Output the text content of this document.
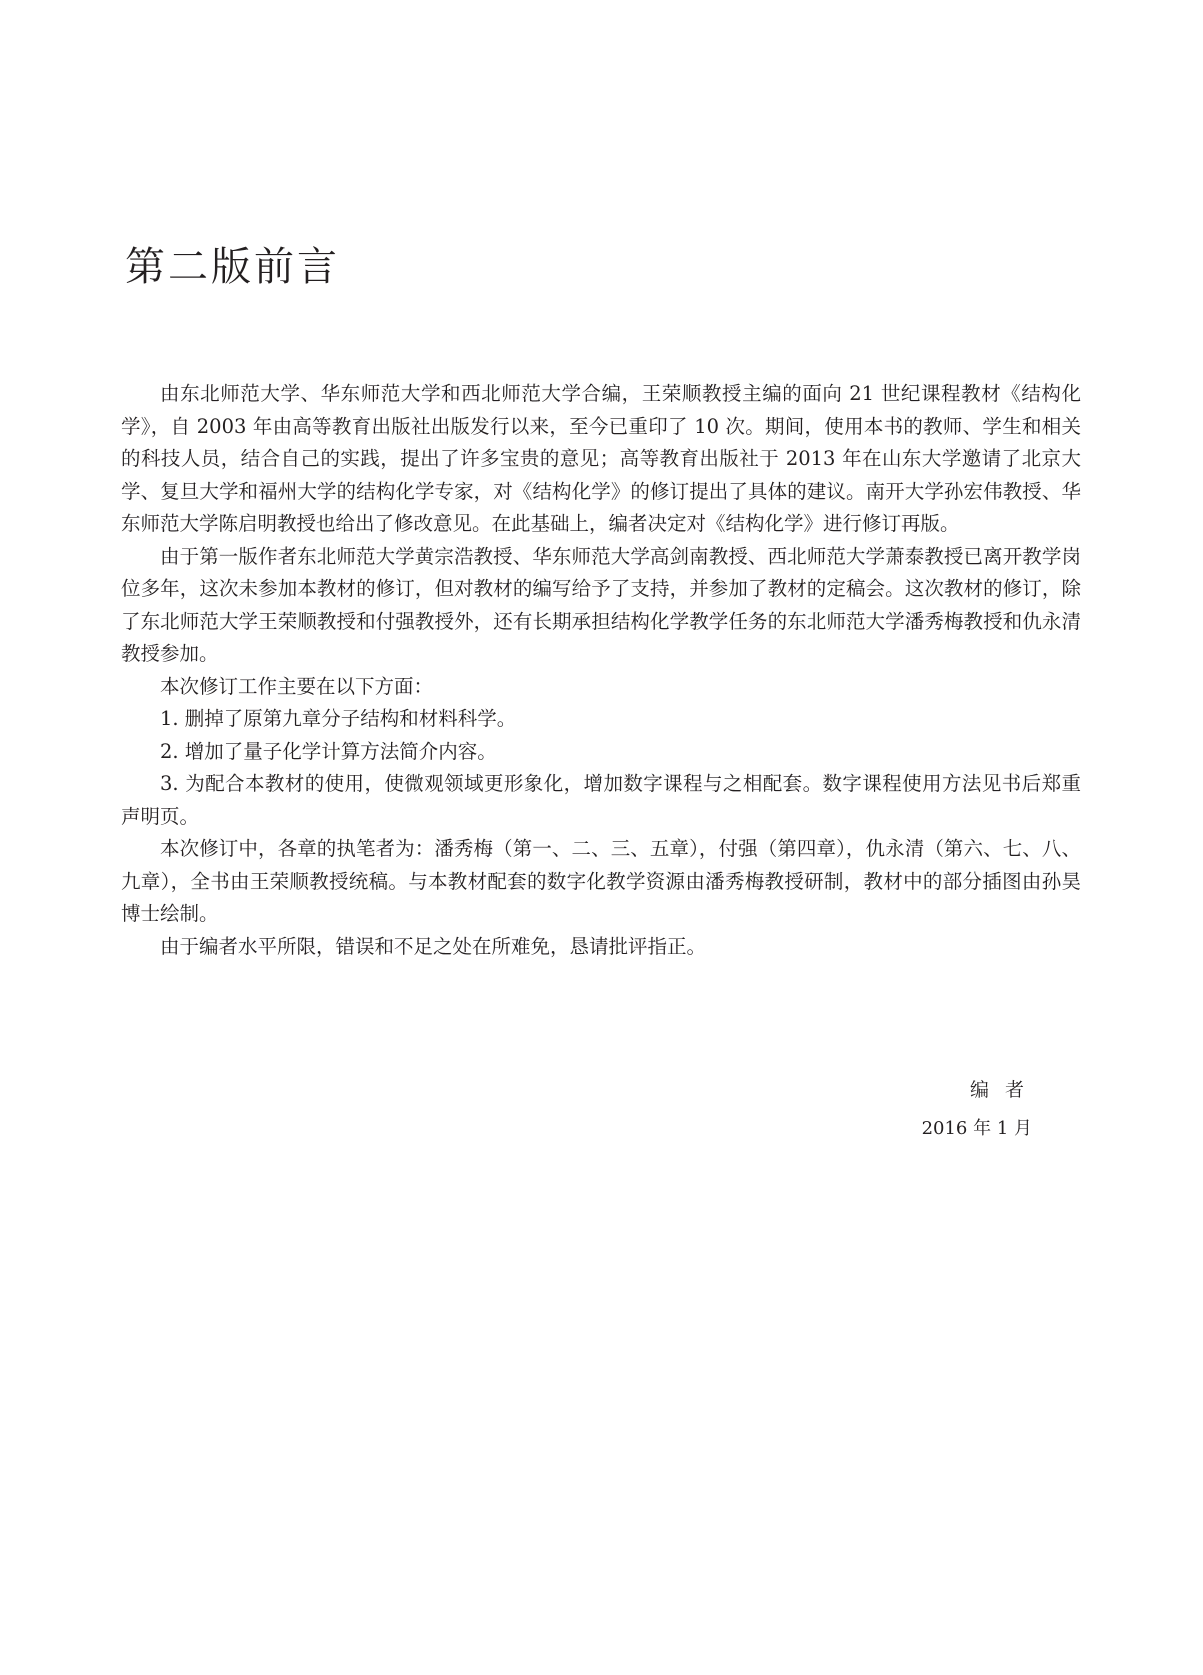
第二版前言

由东北师范大学、华东师范大学和西北师范大学合编，王荣顺教授主编的面向 21 世纪课程教材《结构化学》，自 2003 年由高等教育出版社出版发行以来，至今已重印了 10 次。期间，使用本书的教师、学生和相关的科技人员，结合自己的实践，提出了许多宝贵的意见；高等教育出版社于 2013 年在山东大学邀请了北京大学、复旦大学和福州大学的结构化学专家，对《结构化学》的修订提出了具体的建议。南开大学孙宏伟教授、华东师范大学陈启明教授也给出了修改意见。在此基础上，编者决定对《结构化学》进行修订再版。

由于第一版作者东北师范大学黄宗浩教授、华东师范大学高剑南教授、西北师范大学萧泰教授已离开教学岗位多年，这次未参加本教材的修订，但对教材的编写给予了支持，并参加了教材的定稿会。这次教材的修订，除了东北师范大学王荣顺教授和付强教授外，还有长期承担结构化学教学任务的东北师范大学潘秀梅教授和仇永清教授参加。

本次修订工作主要在以下方面：

1. 删掉了原第九章分子结构和材料科学。

2. 增加了量子化学计算方法简介内容。

3. 为配合本教材的使用，使微观领域更形象化，增加数字课程与之相配套。数字课程使用方法见书后郑重声明页。

本次修订中，各章的执笔者为：潘秀梅（第一、二、三、五章），付强（第四章），仇永清（第六、七、八、九章），全书由王荣顺教授统稿。与本教材配套的数字化教学资源由潘秀梅教授研制，教材中的部分插图由孙昊博士绘制。

由于编者水平所限，错误和不足之处在所难免，恳请批评指正。

编者
2016 年 1 月
